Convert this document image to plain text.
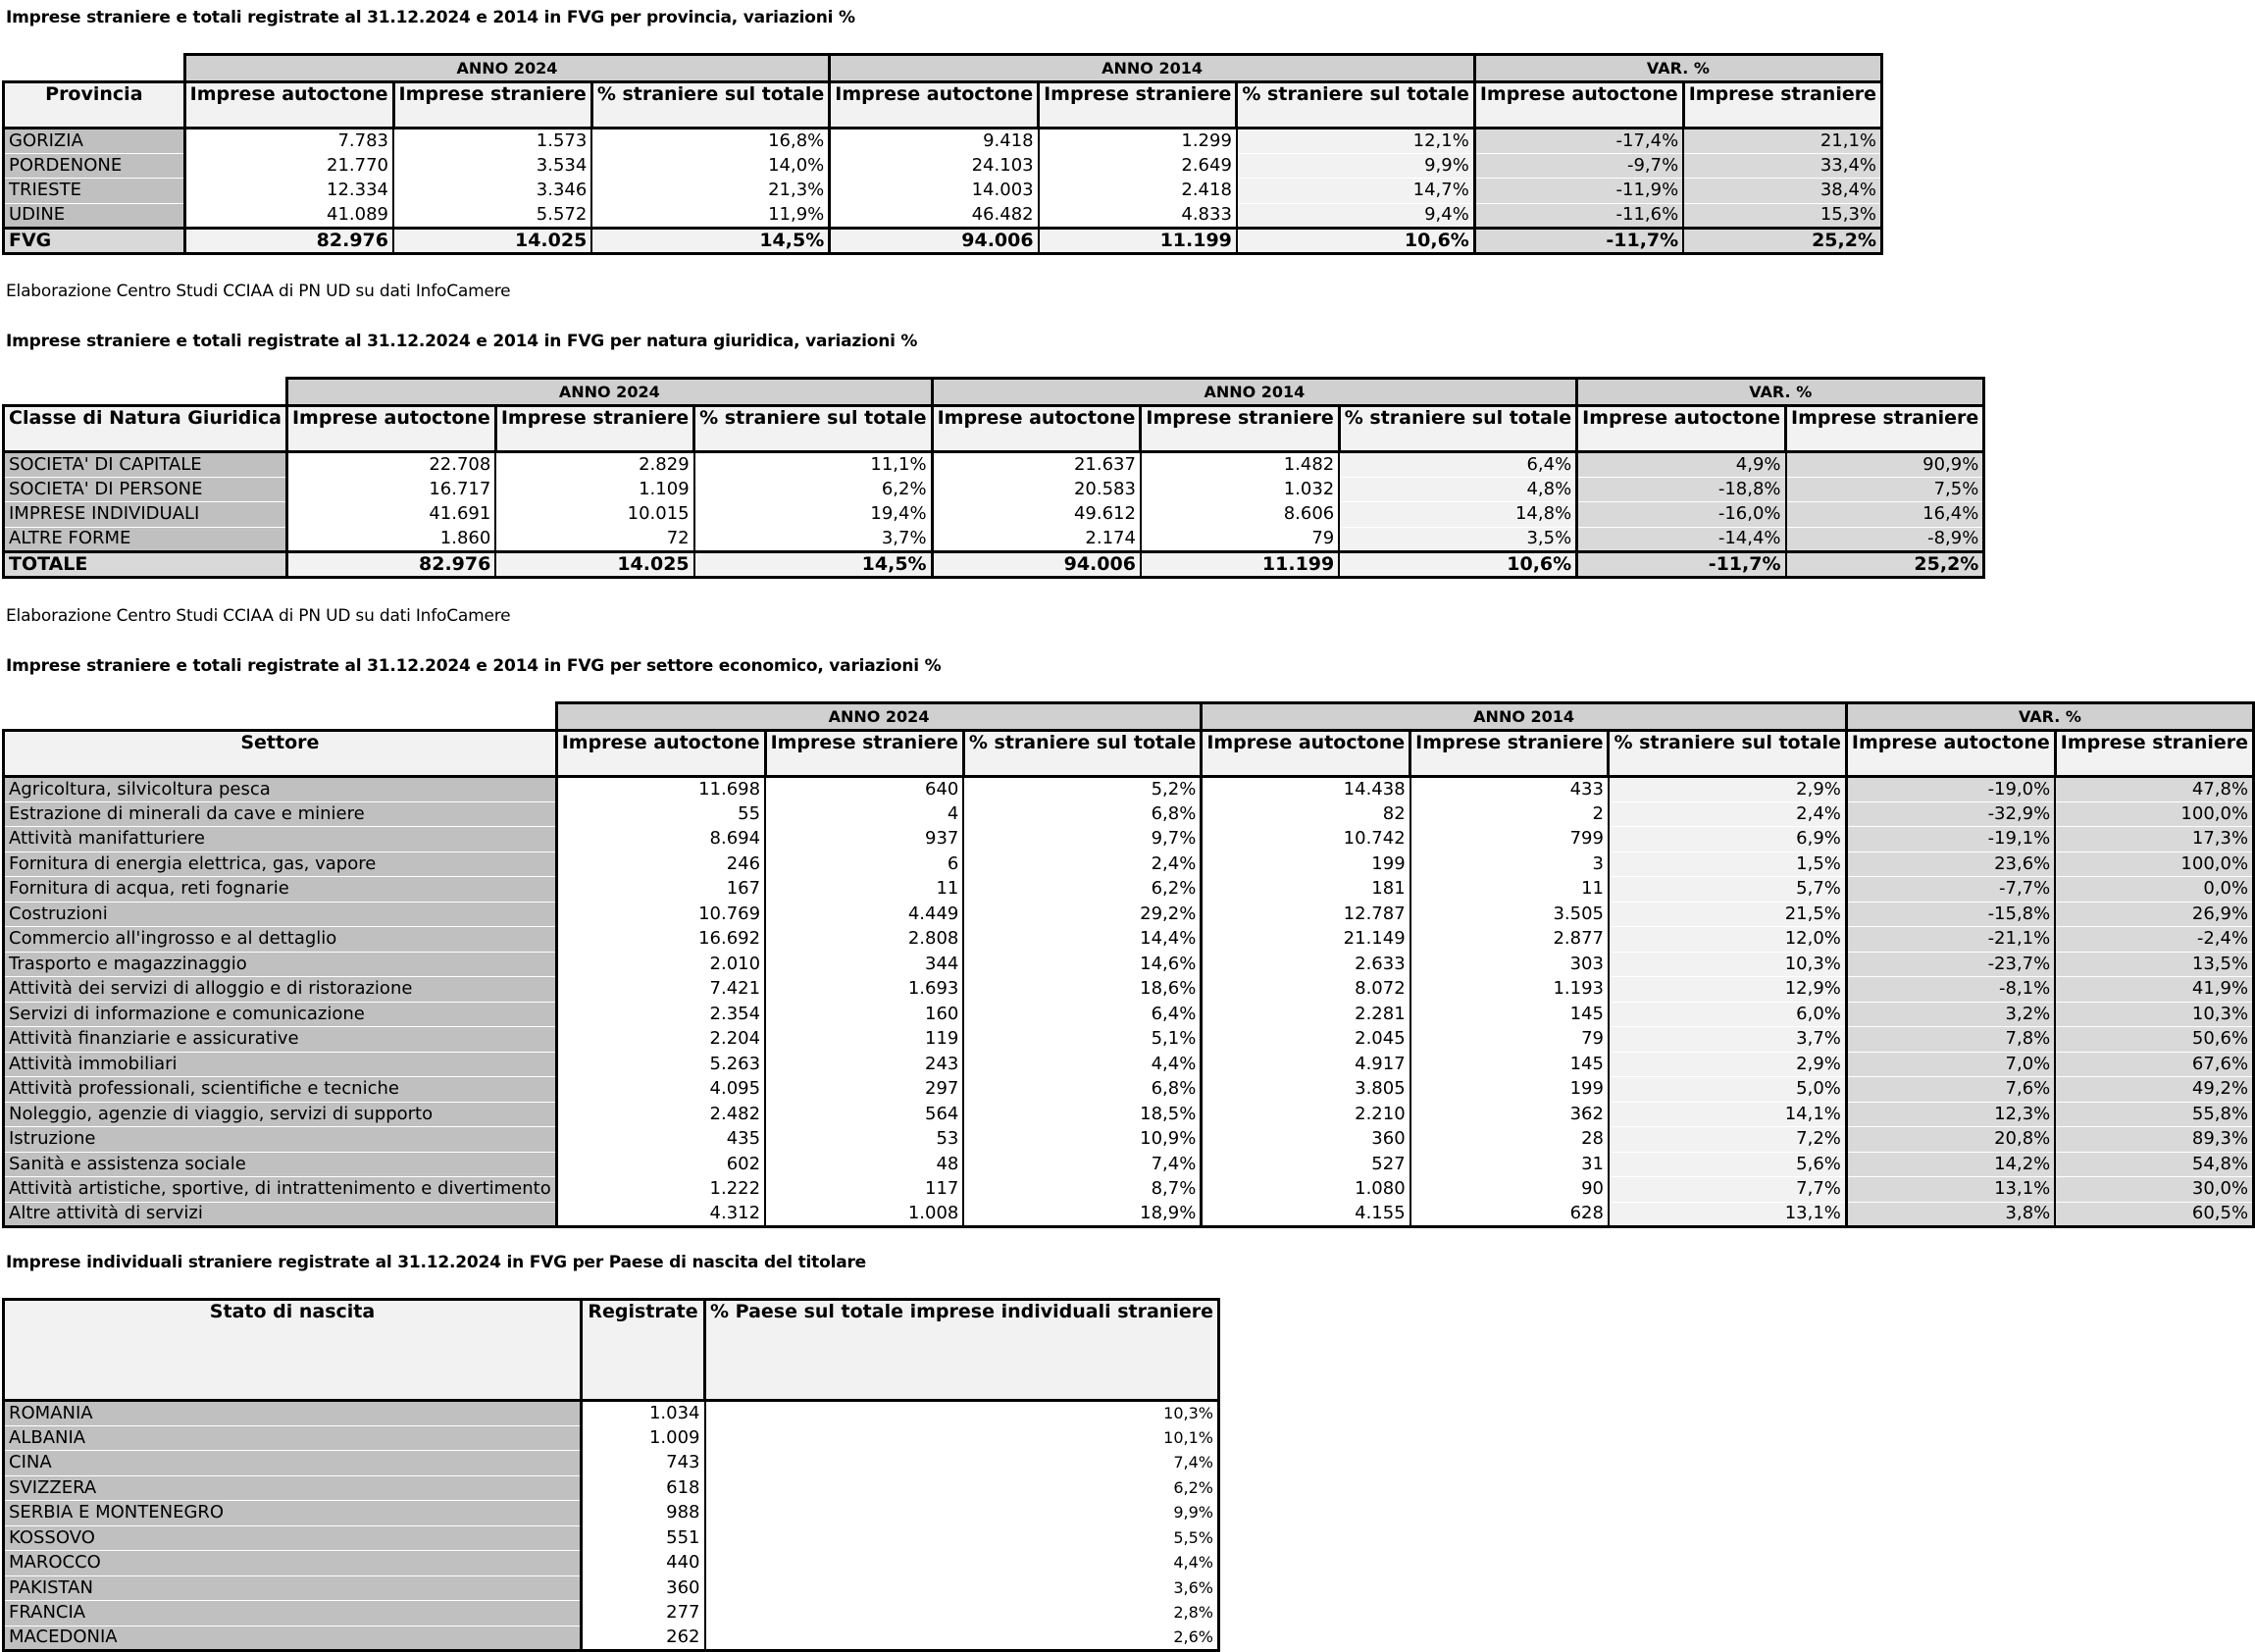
Imprese straniere e totali registrate al 31.12.2024 e 2014 in FVG per provincia, variazioni %
	ANNO 2024			ANNO 2014			VAR. %	
Provincia	Imprese autoctone	Imprese straniere	% straniere sul totale	Imprese autoctone	Imprese straniere	% straniere sul totale	Imprese autoctone	Imprese straniere
GORIZIA	7.783	1.573	16,8%	9.418	1.299	12,1%	-17,4%	21,1%
PORDENONE	21.770	3.534	14,0%	24.103	2.649	9,9%	-9,7%	33,4%
TRIESTE	12.334	3.346	21,3%	14.003	2.418	14,7%	-11,9%	38,4%
UDINE	41.089	5.572	11,9%	46.482	4.833	9,4%	-11,6%	15,3%
FVG	82.976	14.025	14,5%	94.006	11.199	10,6%	-11,7%	25,2%
Elaborazione Centro Studi CCIAA di PN UD su dati InfoCamere
Imprese straniere e totali registrate al 31.12.2024 e 2014 in FVG per natura giuridica, variazioni %
	ANNO 2024			ANNO 2014			VAR. %	
Classe di Natura Giuridica	Imprese autoctone	Imprese straniere	% straniere sul totale	Imprese autoctone	Imprese straniere	% straniere sul totale	Imprese autoctone	Imprese straniere
SOCIETA' DI CAPITALE	22.708	2.829	11,1%	21.637	1.482	6,4%	4,9%	90,9%
SOCIETA' DI PERSONE	16.717	1.109	6,2%	20.583	1.032	4,8%	-18,8%	7,5%
IMPRESE INDIVIDUALI	41.691	10.015	19,4%	49.612	8.606	14,8%	-16,0%	16,4%
ALTRE FORME	1.860	72	3,7%	2.174	79	3,5%	-14,4%	-8,9%
TOTALE	82.976	14.025	14,5%	94.006	11.199	10,6%	-11,7%	25,2%
Elaborazione Centro Studi CCIAA di PN UD su dati InfoCamere
Imprese straniere e totali registrate al 31.12.2024 e 2014 in FVG per settore economico, variazioni %
	ANNO 2024			ANNO 2014			VAR. %	
Settore	Imprese autoctone	Imprese straniere	% straniere sul totale	Imprese autoctone	Imprese straniere	% straniere sul totale	Imprese autoctone	Imprese straniere
Agricoltura, silvicoltura pesca	11.698	640	5,2%	14.438	433	2,9%	-19,0%	47,8%
Estrazione di minerali da cave e miniere	55	4	6,8%	82	2	2,4%	-32,9%	100,0%
Attività manifatturiere	8.694	937	9,7%	10.742	799	6,9%	-19,1%	17,3%
Fornitura di energia elettrica, gas, vapore	246	6	2,4%	199	3	1,5%	23,6%	100,0%
Fornitura di acqua, reti fognarie	167	11	6,2%	181	11	5,7%	-7,7%	0,0%
Costruzioni	10.769	4.449	29,2%	12.787	3.505	21,5%	-15,8%	26,9%
Commercio all'ingrosso e al dettaglio	16.692	2.808	14,4%	21.149	2.877	12,0%	-21,1%	-2,4%
Trasporto e magazzinaggio	2.010	344	14,6%	2.633	303	10,3%	-23,7%	13,5%
Attività dei servizi di alloggio e di ristorazione	7.421	1.693	18,6%	8.072	1.193	12,9%	-8,1%	41,9%
Servizi di informazione e comunicazione	2.354	160	6,4%	2.281	145	6,0%	3,2%	10,3%
Attività finanziarie e assicurative	2.204	119	5,1%	2.045	79	3,7%	7,8%	50,6%
Attività immobiliari	5.263	243	4,4%	4.917	145	2,9%	7,0%	67,6%
Attività professionali, scientifiche e tecniche	4.095	297	6,8%	3.805	199	5,0%	7,6%	49,2%
Noleggio, agenzie di viaggio, servizi di supporto	2.482	564	18,5%	2.210	362	14,1%	12,3%	55,8%
Istruzione	435	53	10,9%	360	28	7,2%	20,8%	89,3%
Sanità e assistenza sociale	602	48	7,4%	527	31	5,6%	14,2%	54,8%
Attività artistiche, sportive, di intrattenimento e divertimento	1.222	117	8,7%	1.080	90	7,7%	13,1%	30,0%
Altre attività di servizi	4.312	1.008	18,9%	4.155	628	13,1%	3,8%	60,5%
Imprese individuali straniere registrate al 31.12.2024 in FVG per Paese di nascita del titolare
Stato di nascita	Registrate	% Paese sul totale imprese individuali straniere
ROMANIA	1.034	10,3%
ALBANIA	1.009	10,1%
CINA	743	7,4%
SVIZZERA	618	6,2%
SERBIA E MONTENEGRO	988	9,9%
KOSSOVO	551	5,5%
MAROCCO	440	4,4%
PAKISTAN	360	3,6%
FRANCIA	277	2,8%
MACEDONIA	262	2,6%
